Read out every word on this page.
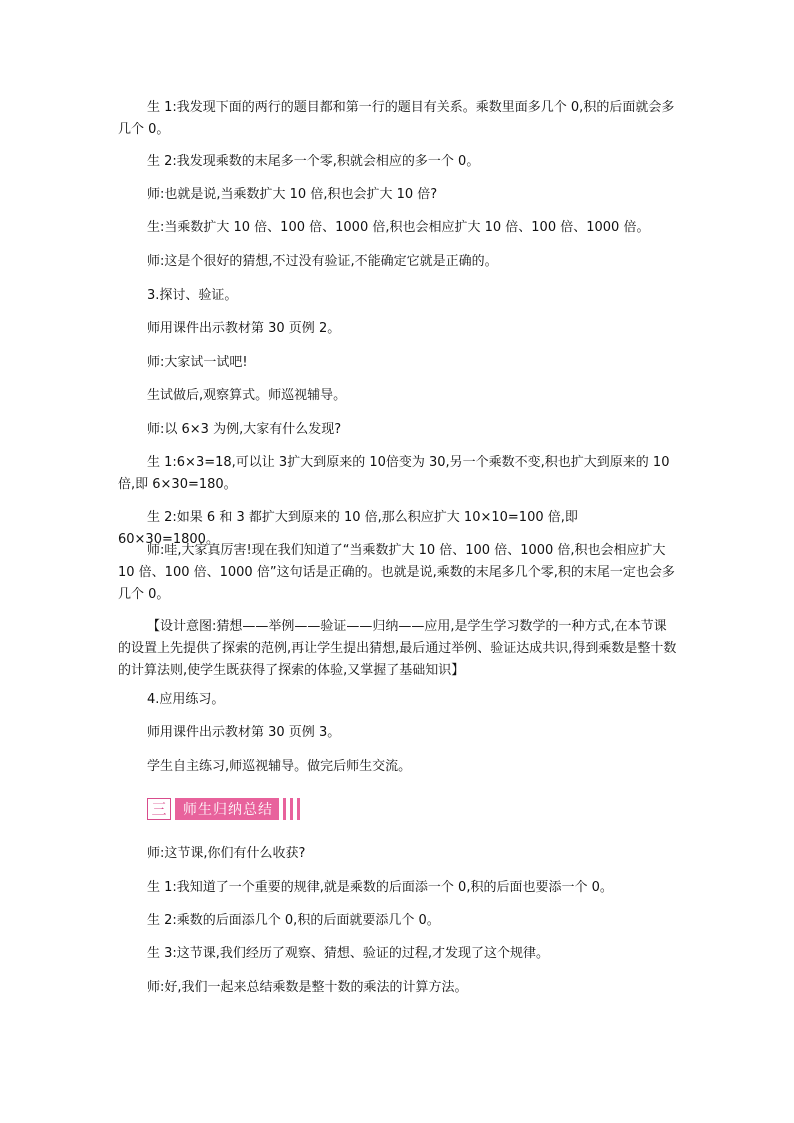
生 1:我发现下面的两行的题目都和第一行的题目有关系。乘数里面多几个 0,积的后面就会多几个 0。
生 2:我发现乘数的末尾多一个零,积就会相应的多一个 0。
师:也就是说,当乘数扩大 10 倍,积也会扩大 10 倍?
生:当乘数扩大 10 倍、100 倍、1000 倍,积也会相应扩大 10 倍、100 倍、1000 倍。
师:这是个很好的猜想,不过没有验证,不能确定它就是正确的。
3.探讨、验证。
师用课件出示教材第 30 页例 2。
师:大家试一试吧!
生试做后,观察算式。师巡视辅导。
师:以 6×3 为例,大家有什么发现?
生 1:6×3=18,可以让 3扩大到原来的 10倍变为 30,另一个乘数不变,积也扩大到原来的 10倍,即 6×30=180。
生 2:如果 6 和 3 都扩大到原来的 10 倍,那么积应扩大 10×10=100 倍,即 60×30=1800。
师:哇,大家真厉害!现在我们知道了“当乘数扩大 10 倍、100 倍、1000 倍,积也会相应扩大 10 倍、100 倍、1000 倍”这句话是正确的。也就是说,乘数的末尾多几个零,积的末尾一定也会多几个 0。
【设计意图:猜想——举例——验证——归纳——应用,是学生学习数学的一种方式,在本节课的设置上先提供了探索的范例,再让学生提出猜想,最后通过举例、验证达成共识,得到乘数是整十数的计算法则,使学生既获得了探索的体验,又掌握了基础知识】
4.应用练习。
师用课件出示教材第 30 页例 3。
学生自主练习,师巡视辅导。做完后师生交流。
三	师生归纳总结
师:这节课,你们有什么收获?
生 1:我知道了一个重要的规律,就是乘数的后面添一个 0,积的后面也要添一个 0。
生 2:乘数的后面添几个 0,积的后面就要添几个 0。
生 3:这节课,我们经历了观察、猜想、验证的过程,才发现了这个规律。
师:好,我们一起来总结乘数是整十数的乘法的计算方法。
